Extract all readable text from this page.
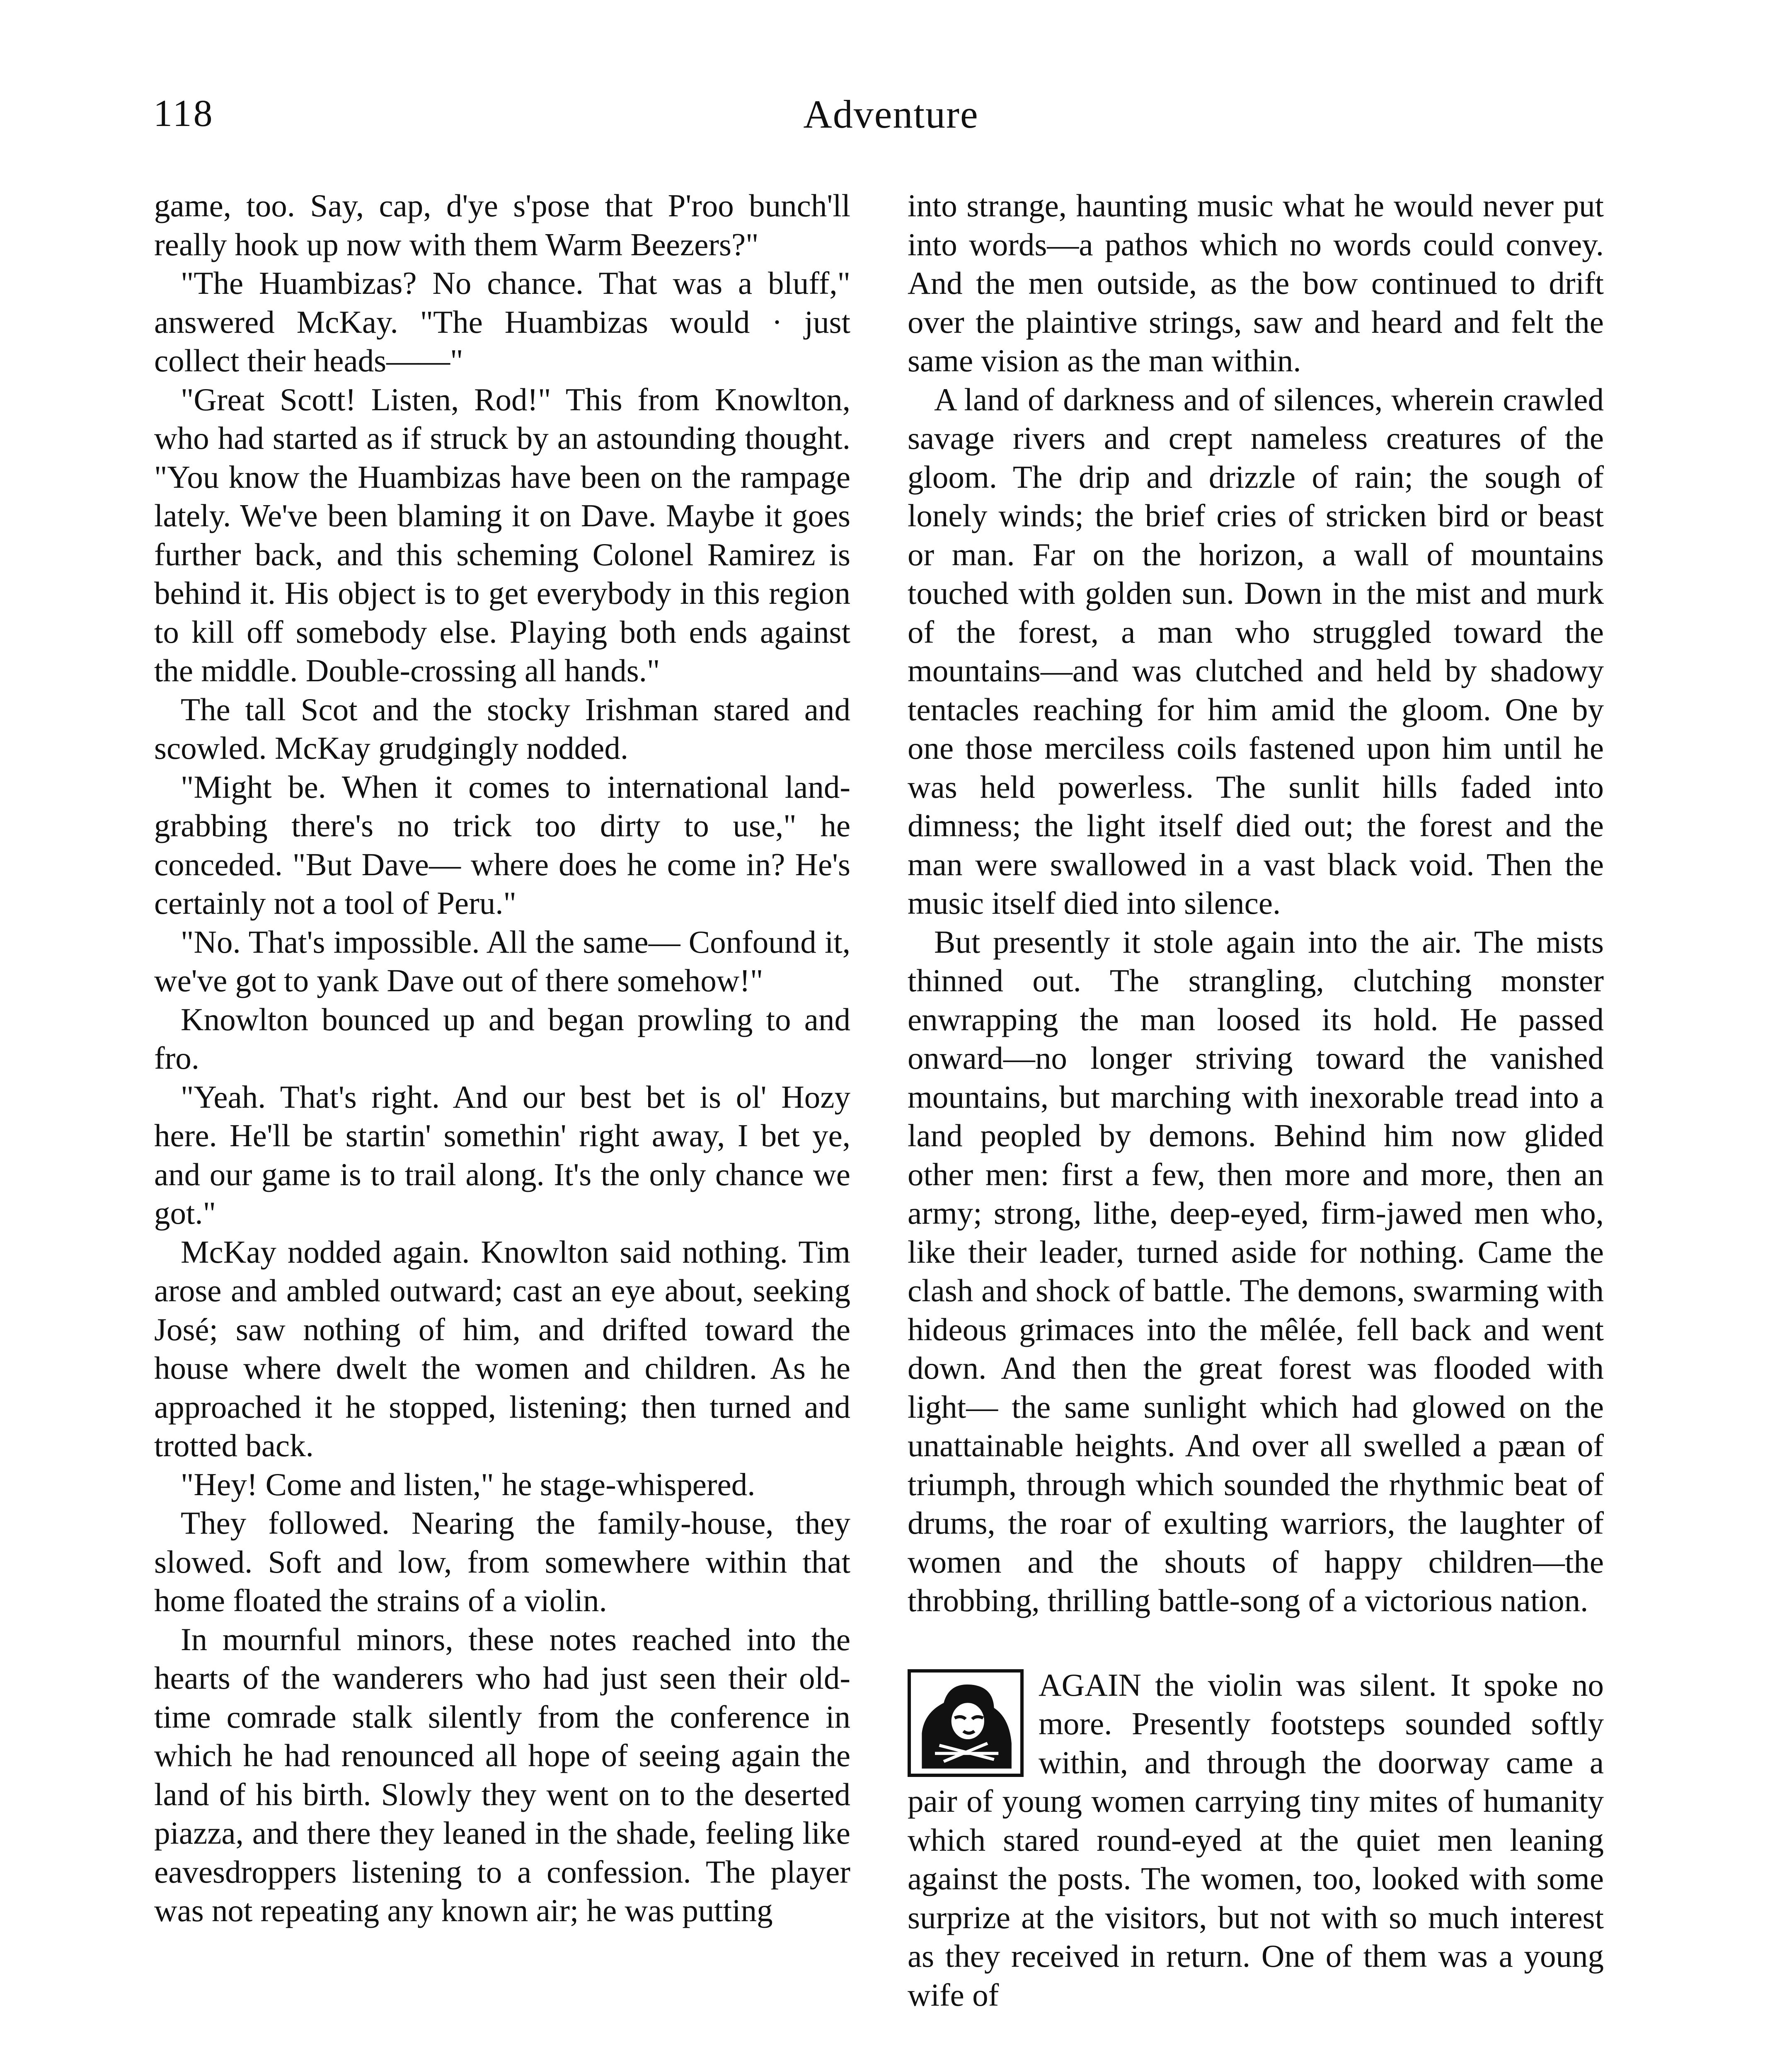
118	Adventure

game, too. Say, cap, d'ye s'pose that P'roo bunch'll really hook up now with them Warm Beezers?"

"The Huambizas? No chance. That was a bluff," answered McKay. "The Huambizas would · just collect their heads——"

"Great Scott! Listen, Rod!" This from Knowlton, who had started as if struck by an astounding thought. "You know the Huambizas have been on the rampage lately. We've been blaming it on Dave. Maybe it goes further back, and this scheming Colonel Ramirez is behind it. His object is to get everybody in this region to kill off somebody else. Playing both ends against the middle. Double-crossing all hands."

The tall Scot and the stocky Irishman stared and scowled. McKay grudgingly nodded.

"Might be. When it comes to international land-grabbing there's no trick too dirty to use," he conceded. "But Dave— where does he come in? He's certainly not a tool of Peru."

"No. That's impossible. All the same— Confound it, we've got to yank Dave out of there somehow!"

Knowlton bounced up and began prowling to and fro.

"Yeah. That's right. And our best bet is ol' Hozy here. He'll be startin' somethin' right away, I bet ye, and our game is to trail along. It's the only chance we got."

McKay nodded again. Knowlton said nothing. Tim arose and ambled outward; cast an eye about, seeking José; saw nothing of him, and drifted toward the house where dwelt the women and children. As he approached it he stopped, listening; then turned and trotted back.

"Hey! Come and listen," he stage-whispered.

They followed. Nearing the family-house, they slowed. Soft and low, from somewhere within that home floated the strains of a violin.

In mournful minors, these notes reached into the hearts of the wanderers who had just seen their old-time comrade stalk silently from the conference in which he had renounced all hope of seeing again the land of his birth. Slowly they went on to the deserted piazza, and there they leaned in the shade, feeling like eavesdroppers listening to a confession. The player was not repeating any known air; he was putting

into strange, haunting music what he would never put into words—a pathos which no words could convey. And the men outside, as the bow continued to drift over the plaintive strings, saw and heard and felt the same vision as the man within.

A land of darkness and of silences, wherein crawled savage rivers and crept nameless creatures of the gloom. The drip and drizzle of rain; the sough of lonely winds; the brief cries of stricken bird or beast or man. Far on the horizon, a wall of mountains touched with golden sun. Down in the mist and murk of the forest, a man who struggled toward the mountains—and was clutched and held by shadowy tentacles reaching for him amid the gloom. One by one those merciless coils fastened upon him until he was held powerless. The sunlit hills faded into dimness; the light itself died out; the forest and the man were swallowed in a vast black void. Then the music itself died into silence.

But presently it stole again into the air. The mists thinned out. The strangling, clutching monster enwrapping the man loosed its hold. He passed onward—no longer striving toward the vanished mountains, but marching with inexorable tread into a land peopled by demons. Behind him now glided other men: first a few, then more and more, then an army; strong, lithe, deep-eyed, firm-jawed men who, like their leader, turned aside for nothing. Came the clash and shock of battle. The demons, swarming with hideous grimaces into the mêlée, fell back and went down. And then the great forest was flooded with light— the same sunlight which had glowed on the unattainable heights. And over all swelled a pæan of triumph, through which sounded the rhythmic beat of drums, the roar of exulting warriors, the laughter of women and the shouts of happy children—the throbbing, thrilling battle-song of a victorious nation.

AGAIN the violin was silent. It spoke no more. Presently footsteps sounded softly within, and through the doorway came a pair of young women carrying tiny mites of humanity which stared round-eyed at the quiet men leaning against the posts. The women, too, looked with some surprize at the visitors, but not with so much interest as they received in return. One of them was a young wife of
